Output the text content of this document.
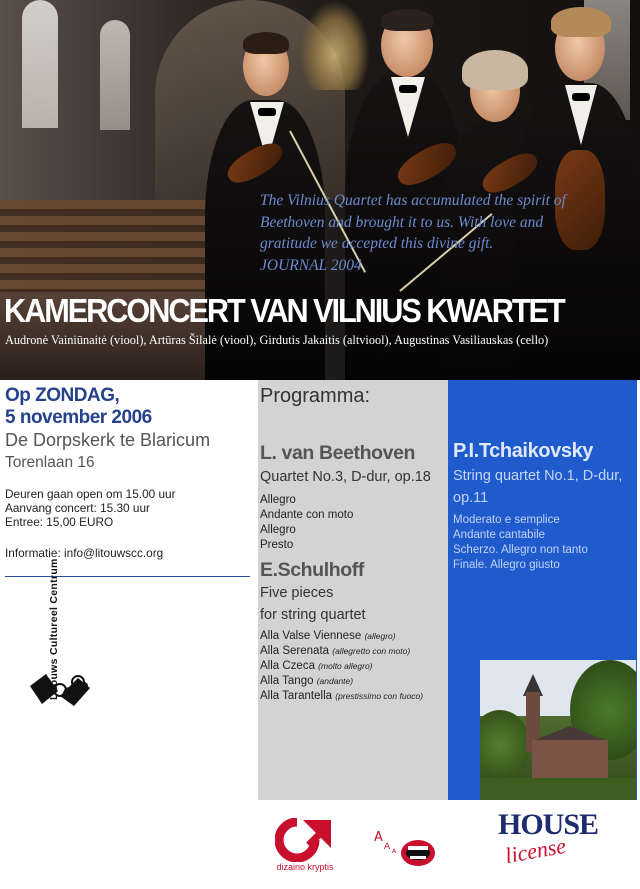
The Vilnius Quartet has accumulated the spirit of
Beethoven and brought it to us. With love and
gratitude we accepted this divine gift.
JOURNAL 2004
KAMERCONCERT VAN VILNIUS KWARTET
Audronė Vainiūnaitė (viool), Artūras Šilalė (viool), Girdutis Jakaitis (altviool), Augustinas Vasiliauskas (cello)
Op ZONDAG,
5 november 2006
De Dorpskerk te Blaricum
Torenlaan 16
Deuren gaan open om 15.00 uur
Aanvang concert: 15.30 uur
Entree: 15,00 EURO
Informatie: info@litouwscc.org
Litouws Cultureel Centrum
Programma:
L. van Beethoven
Quartet No.3, D-dur, op.18
Allegro
Andante con moto
Allegro
Presto
E.Schulhoff
Five pieces
for string quartet
Alla Valse Viennese (allegro)
Alla Serenata (allegretto con moto)
Alla Czeca (molto allegro)
Alla Tango (andante)
Alla Tarantella (prestissimo con fuoco)
P.I.Tchaikovsky
String quartet No.1, D-dur,
op.11
Moderato e semplice
Andante cantabile
Scherzo. Allegro non tanto
Finale. Allegro giusto
dizaino kryptis
A
A A
HOUSE
license
